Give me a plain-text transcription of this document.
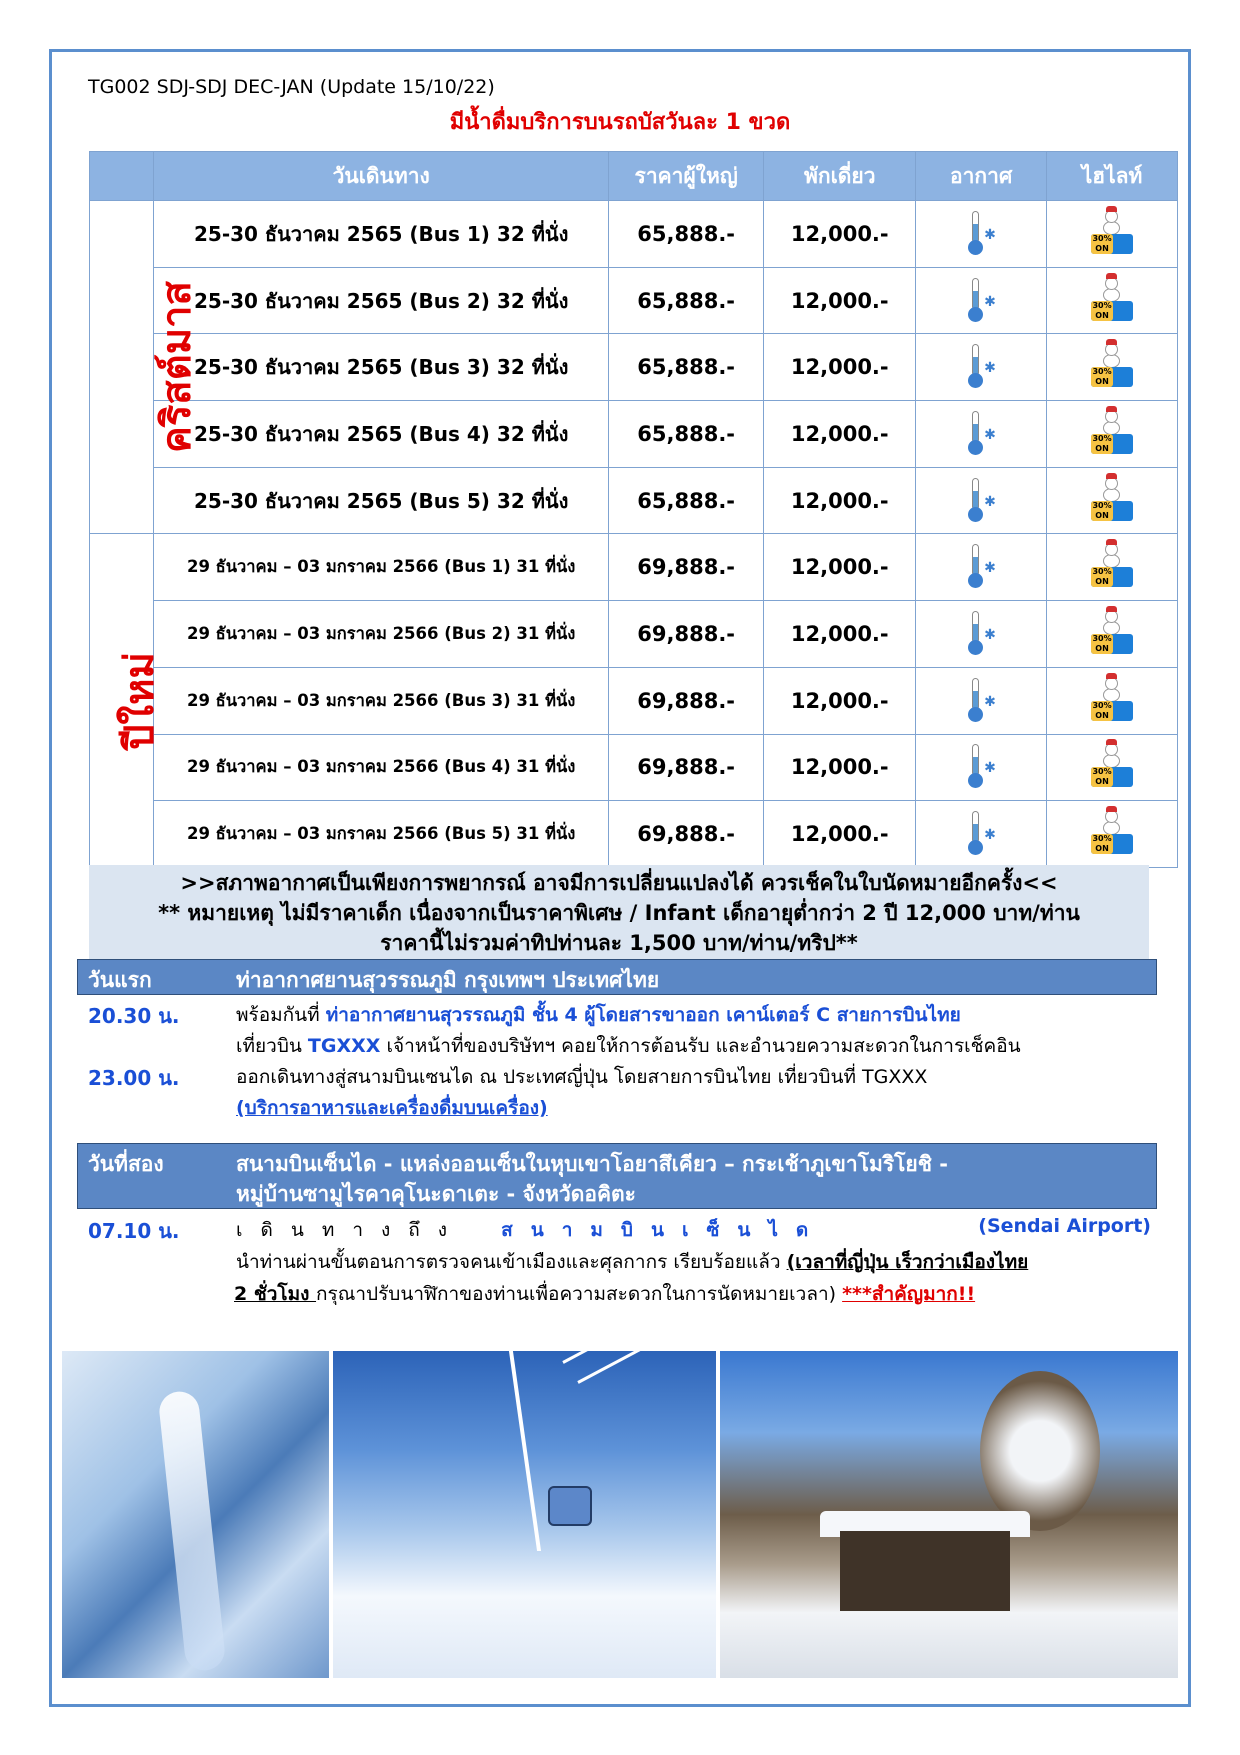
TG002 SDJ-SDJ DEC-JAN (Update 15/10/22)
มีน้ำดื่มบริการบนรถบัสวันละ 1 ขวด
	วันเดินทาง	ราคาผู้ใหญ่	พักเดี่ยว	อากาศ	ไฮไลท์
คริสต์มาส	25-30 ธันวาคม 2565 (Bus 1) 32 ที่นั่ง	65,888.-	12,000.-	✱	30%
ON

	25-30 ธันวาคม 2565 (Bus 2) 32 ที่นั่ง	65,888.-	12,000.-	✱	30%
ON

	25-30 ธันวาคม 2565 (Bus 3) 32 ที่นั่ง	65,888.-	12,000.-	✱	30%
ON

	25-30 ธันวาคม 2565 (Bus 4) 32 ที่นั่ง	65,888.-	12,000.-	✱	30%
ON

	25-30 ธันวาคม 2565 (Bus 5) 32 ที่นั่ง	65,888.-	12,000.-	✱	30%
ON

ปีใหม่	29 ธันวาคม – 03 มกราคม 2566 (Bus 1) 31 ที่นั่ง	69,888.-	12,000.-	✱	30%
ON

	29 ธันวาคม – 03 มกราคม 2566 (Bus 2) 31 ที่นั่ง	69,888.-	12,000.-	✱	30%
ON

	29 ธันวาคม – 03 มกราคม 2566 (Bus 3) 31 ที่นั่ง	69,888.-	12,000.-	✱	30%
ON

	29 ธันวาคม – 03 มกราคม 2566 (Bus 4) 31 ที่นั่ง	69,888.-	12,000.-	✱	30%
ON

	29 ธันวาคม – 03 มกราคม 2566 (Bus 5) 31 ที่นั่ง	69,888.-	12,000.-	✱	30%
ON
>>สภาพอากาศเป็นเพียงการพยากรณ์ อาจมีการเปลี่ยนแปลงได้ ควรเช็คในใบนัดหมายอีกครั้ง<<
** หมายเหตุ ไม่มีราคาเด็ก เนื่องจากเป็นราคาพิเศษ / Infant เด็กอายุต่ำกว่า 2 ปี 12,000 บาท/ท่าน
ราคานี้ไม่รวมค่าทิปท่านละ 1,500 บาท/ท่าน/ทริป**
วันแรก	ท่าอากาศยานสุวรรณภูมิ กรุงเทพฯ ประเทศไทย
20.30 น.	พร้อมกันที่ ท่าอากาศยานสุวรรณภูมิ ชั้น 4 ผู้โดยสารขาออก เคาน์เตอร์ C สายการบินไทย
เที่ยวบิน TGXXX เจ้าหน้าที่ของบริษัทฯ คอยให้การต้อนรับ และอำนวยความสะดวกในการเช็คอิน
23.00 น.	ออกเดินทางสู่สนามบินเซนได ณ ประเทศญี่ปุ่น โดยสายการบินไทย เที่ยวบินที่ TGXXX
(บริการอาหารและเครื่องดื่มบนเครื่อง)
วันที่สอง	สนามบินเซ็นได - แหล่งออนเซ็นในหุบเขาโอยาสึเคียว – กระเช้าภูเขาโมริโยชิ -
หมู่บ้านซามูไรคาคุโนะดาเตะ - จังหวัดอคิตะ
07.10 น.	เดินทางถึง สนามบินเซ็นได	(Sendai Airport)
นำท่านผ่านขั้นตอนการตรวจคนเข้าเมืองและศุลกากร เรียบร้อยแล้ว (เวลาที่ญี่ปุ่น เร็วกว่าเมืองไทย
2 ชั่วโมง กรุณาปรับนาฬิกาของท่านเพื่อความสะดวกในการนัดหมายเวลา) ***สำคัญมาก!!
